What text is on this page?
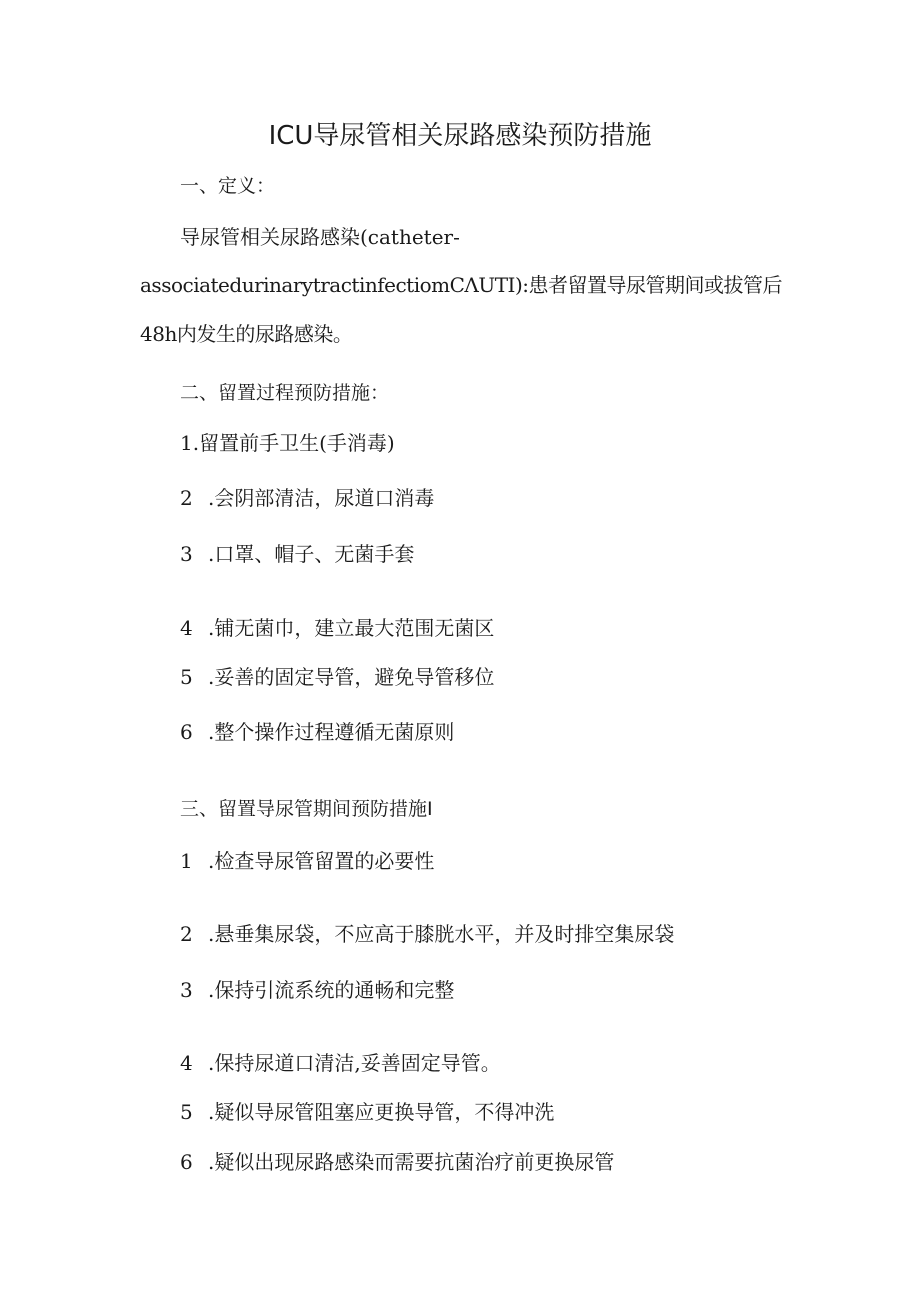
ICU导尿管相关尿路感染预防措施

一、定义：

导尿管相关尿路感染(catheter-

associatedurinarytractinfectiomCΛUTI):患者留置导尿管期间或拔管后

48h内发生的尿路感染。

二、留置过程预防措施：

1.留置前手卫生(手消毒)

2 .会阴部清洁，尿道口消毒

3 .口罩、帽子、无菌手套

4 .铺无菌巾，建立最大范围无菌区

5 .妥善的固定导管，避免导管移位

6 .整个操作过程遵循无菌原则

三、留置导尿管期间预防措施I

1 .检查导尿管留置的必要性

2 .悬垂集尿袋，不应高于膝胱水平，并及时排空集尿袋

3 .保持引流系统的通畅和完整

4 .保持尿道口清洁,妥善固定导管。

5 .疑似导尿管阻塞应更换导管，不得冲洗

6 .疑似出现尿路感染而需要抗菌治疗前更换尿管
